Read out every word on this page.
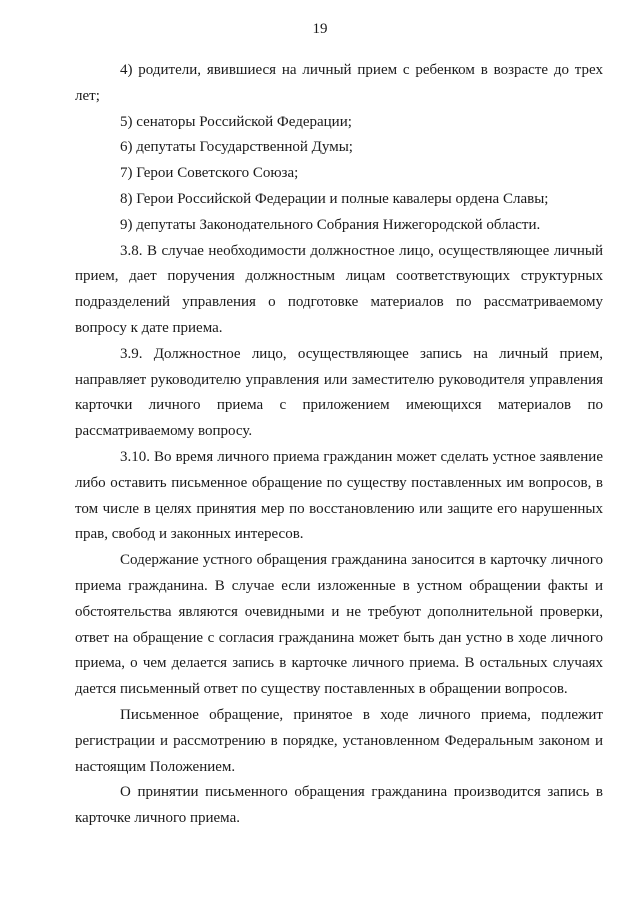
19

4) родители, явившиеся на личный прием с ребенком в возрасте до трех лет;

5) сенаторы Российской Федерации;

6) депутаты Государственной Думы;

7) Герои Советского Союза;

8) Герои Российской Федерации и полные кавалеры ордена Славы;

9) депутаты Законодательного Собрания Нижегородской области.

3.8. В случае необходимости должностное лицо, осуществляющее личный прием, дает поручения должностным лицам соответствующих структурных подразделений управления о подготовке материалов по рассматриваемому вопросу к дате приема.

3.9. Должностное лицо, осуществляющее запись на личный прием, направляет руководителю управления или заместителю руководителя управления карточки личного приема с приложением имеющихся материалов по рассматриваемому вопросу.

3.10. Во время личного приема гражданин может сделать устное заявление либо оставить письменное обращение по существу поставленных им вопросов, в том числе в целях принятия мер по восстановлению или защите его нарушенных прав, свобод и законных интересов.

Содержание устного обращения гражданина заносится в карточку личного приема гражданина. В случае если изложенные в устном обращении факты и обстоятельства являются очевидными и не требуют дополнительной проверки, ответ на обращение с согласия гражданина может быть дан устно в ходе личного приема, о чем делается запись в карточке личного приема. В остальных случаях дается письменный ответ по существу поставленных в обращении вопросов.

Письменное обращение, принятое в ходе личного приема, подлежит регистрации и рассмотрению в порядке, установленном Федеральным законом и настоящим Положением.

О принятии письменного обращения гражданина производится запись в карточке личного приема.
